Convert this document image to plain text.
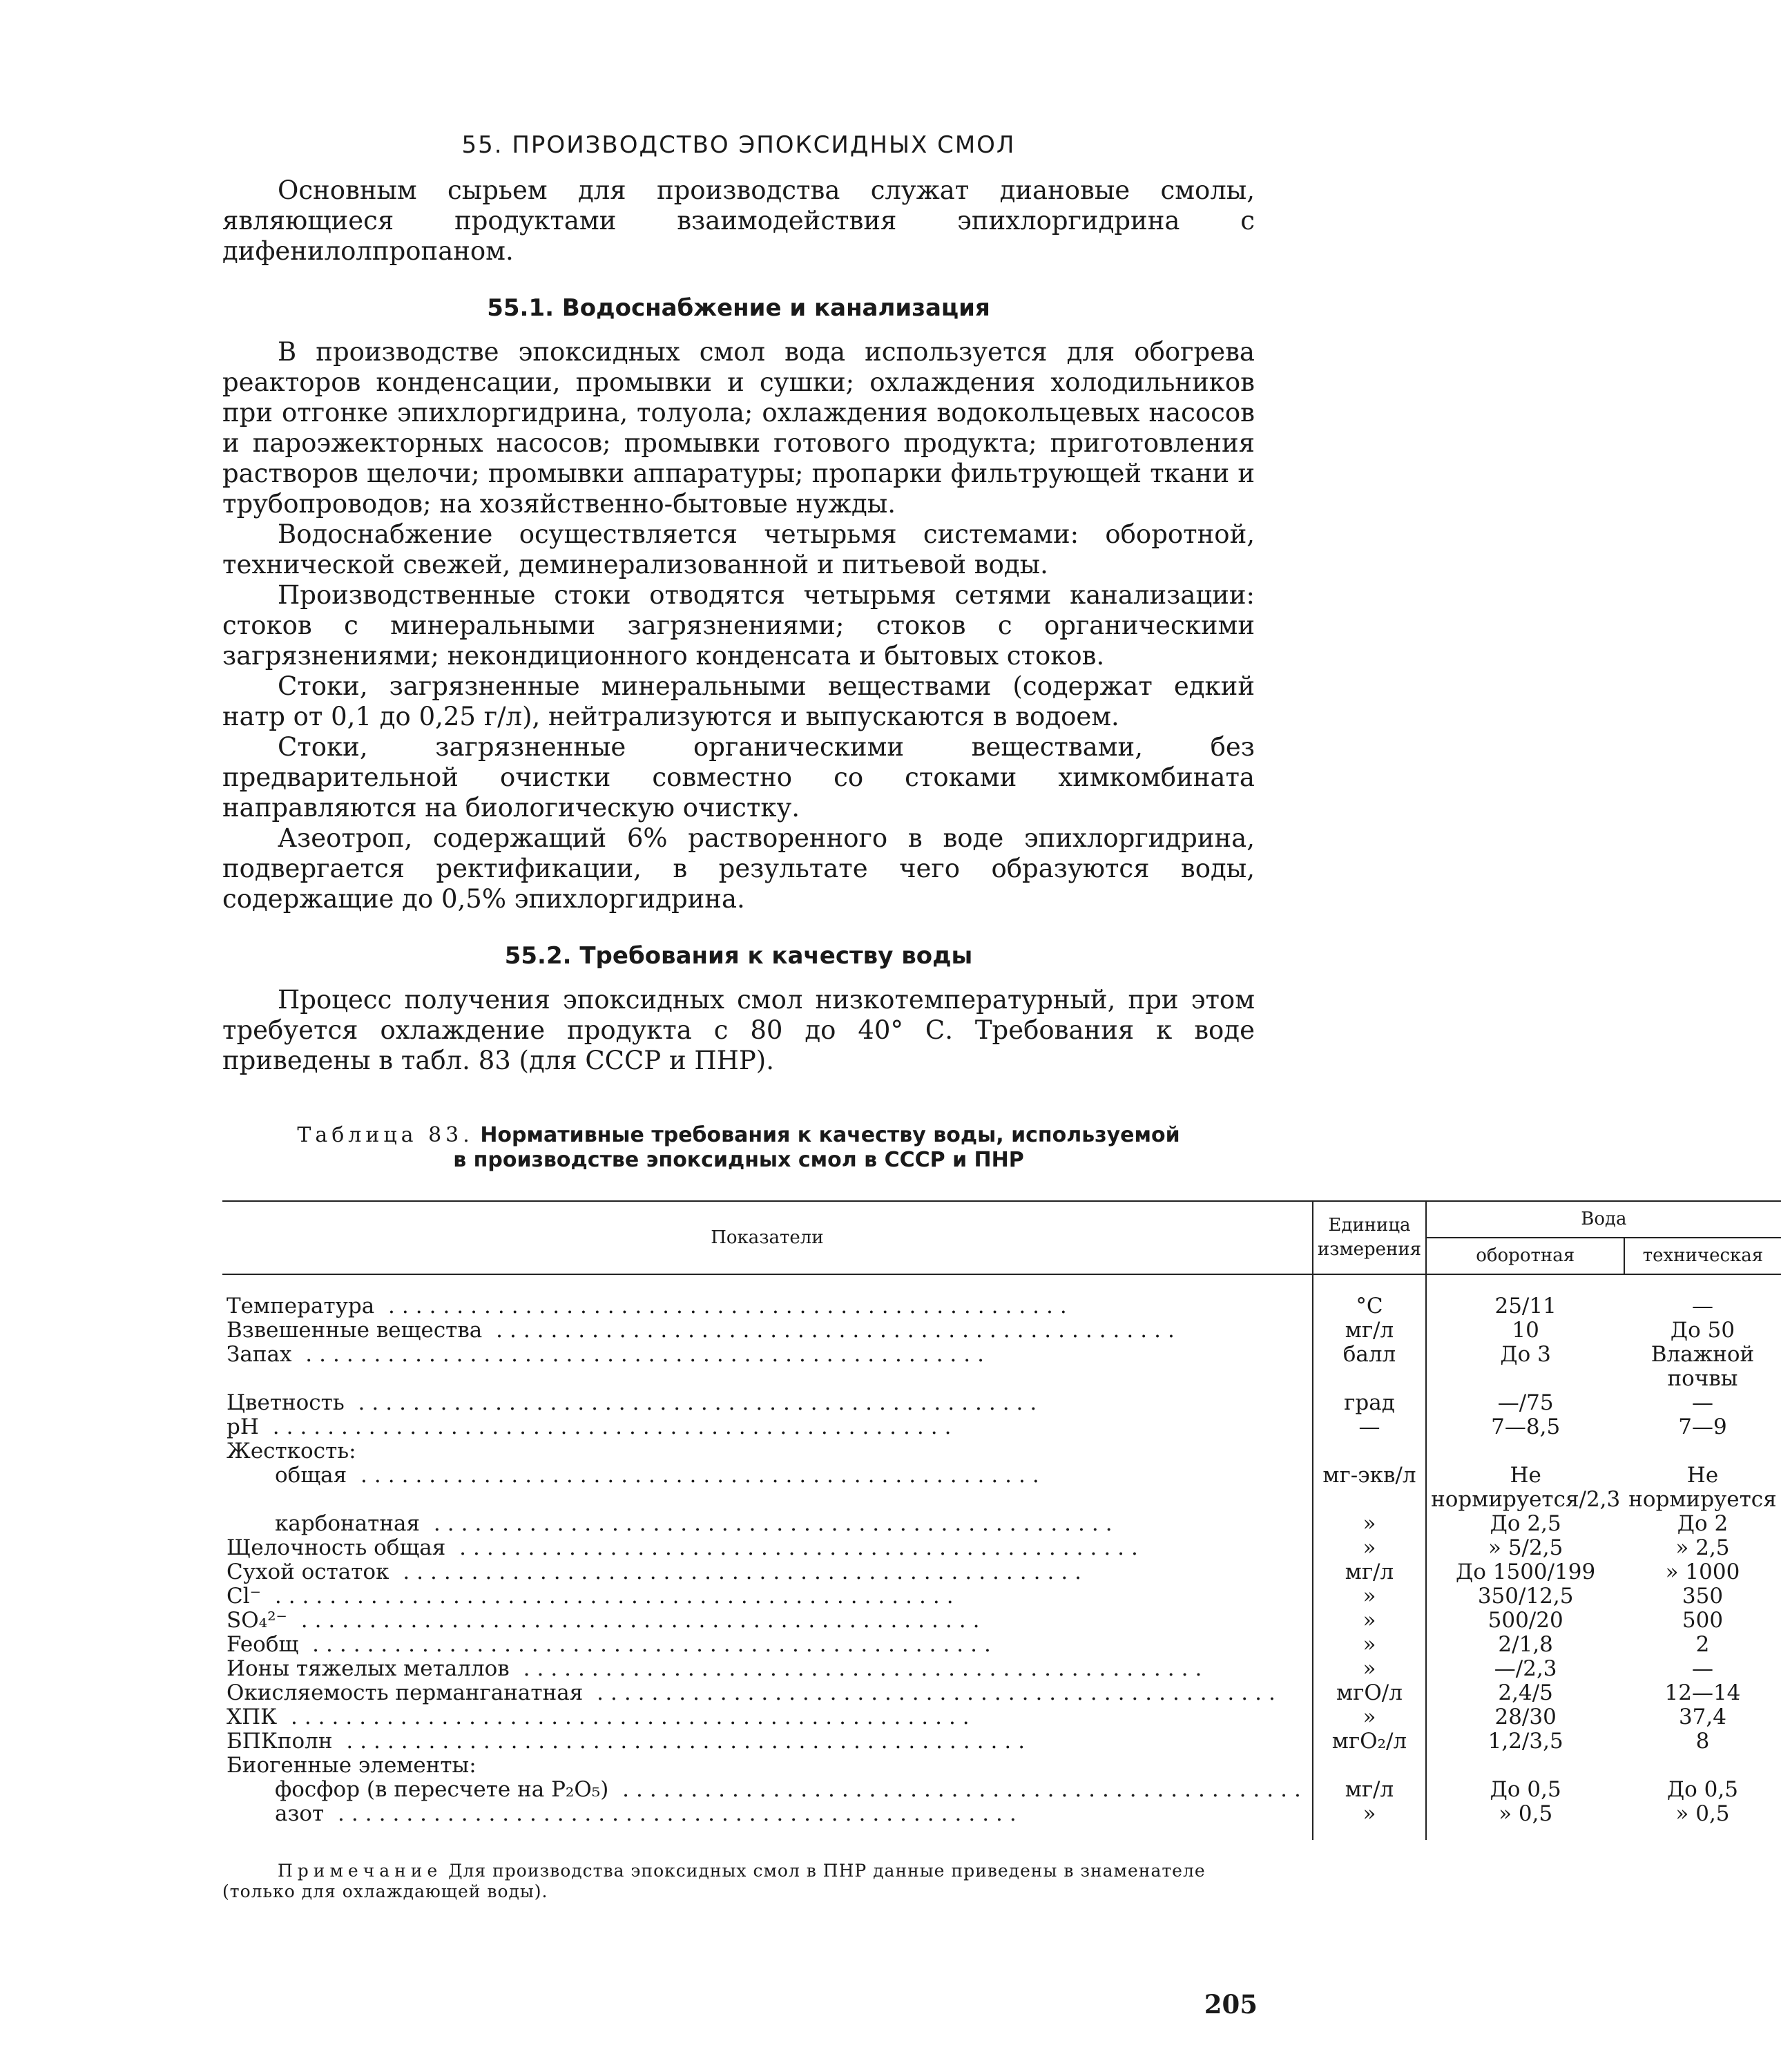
55. ПРОИЗВОДСТВО ЭПОКСИДНЫХ СМОЛ

Основным сырьем для производства служат диановые смолы, являющиеся продуктами взаимодействия эпихлоргидрина с дифенилолпропаном.

55.1. Водоснабжение и канализация

В производстве эпоксидных смол вода используется для обогрева реакторов конденсации, промывки и сушки; охлаждения холодильников при отгонке эпихлоргидрина, толуола; охлаждения водокольцевых насосов и пароэжекторных насосов; промывки готового продукта; приготовления растворов щелочи; промывки аппаратуры; пропарки фильтрующей ткани и трубопроводов; на хозяйственно-бытовые нужды.

Водоснабжение осуществляется четырьмя системами: оборотной, технической свежей, деминерализованной и питьевой воды.

Производственные стоки отводятся четырьмя сетями канализации: стоков с минеральными загрязнениями; стоков с органическими загрязнениями; некондиционного конденсата и бытовых стоков.

Стоки, загрязненные минеральными веществами (содержат едкий натр от 0,1 до 0,25 г/л), нейтрализуются и выпускаются в водоем.

Стоки, загрязненные органическими веществами, без предварительной очистки совместно со стоками химкомбината направляются на биологическую очистку.

Азеотроп, содержащий 6% растворенного в воде эпихлоргидрина, подвергается ректификации, в результате чего образуются воды, содержащие до 0,5% эпихлоргидрина.

55.2. Требования к качеству воды

Процесс получения эпоксидных смол низкотемпературный, при этом требуется охлаждение продукта с 80 до 40° С. Требования к воде приведены в табл. 83 (для СССР и ПНР).

Таблица 83. Нормативные требования к качеству воды, используемой
в производстве эпоксидных смол в СССР и ПНР
Показатели	Единица измерения	Вода	
		оборотная	техническая
Температура ..................................................	°С	25/11	—
Взвешенные вещества ..................................................	мг/л	10	До 50
Запах ..................................................	балл	До 3	Влажной почвы
Цветность ..................................................	град	—/75	—
pH ..................................................	—	7—8,5	7—9
Жесткость:			
общая ..................................................	мг-экв/л	Не нормируется/2,3	Не нормируется
карбонатная ..................................................	»	До 2,5	До 2
Щелочность общая ..................................................	»	» 5/2,5	» 2,5
Сухой остаток ..................................................	мг/л	До 1500/199	» 1000
Cl⁻ ..................................................	»	350/12,5	350
SO₄²⁻ ..................................................	»	500/20	500
Feобщ ..................................................	»	2/1,8	2
Ионы тяжелых металлов ..................................................	»	—/2,3	—
Окисляемость перманганатная ..................................................	мгО/л	2,4/5	12—14
ХПК ..................................................	»	28/30	37,4
БПКполн ..................................................	мгО₂/л	1,2/3,5	8
Биогенные элементы:			
фосфор (в пересчете на P₂O₅) ..................................................	мг/л	До 0,5	До 0,5
азот ..................................................	»	» 0,5	» 0,5
Примечание Для производства эпоксидных смол в ПНР данные приведены в знаменателе (только для охлаждающей воды).
205
